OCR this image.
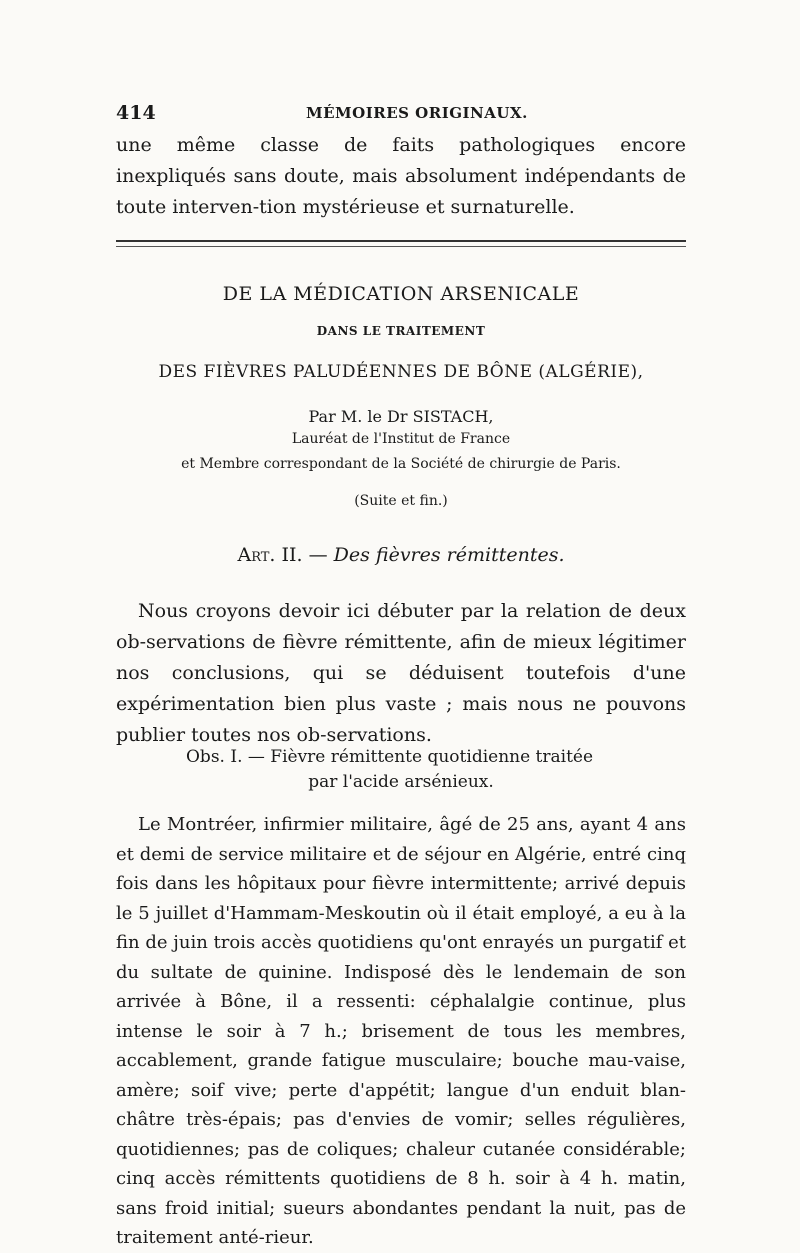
414	MÉMOIRES ORIGINAUX.
une même classe de faits pathologiques encore inexpliqués sans doute, mais absolument indépendants de toute interven-tion mystérieuse et surnaturelle.
DE LA MÉDICATION ARSENICALE
DANS LE TRAITEMENT
DES FIÈVRES PALUDÉENNES DE BÔNE (ALGÉRIE),
Par M. le Dr SISTACH,
Lauréat de l'Institut de France
et Membre correspondant de la Société de chirurgie de Paris.
(Suite et fin.)
Art. II. — Des fièvres rémittentes.
Nous croyons devoir ici débuter par la relation de deux ob-servations de fièvre rémittente, afin de mieux légitimer nos conclusions, qui se déduisent toutefois d'une expérimentation bien plus vaste ; mais nous ne pouvons publier toutes nos ob-servations.
Obs. I. — Fièvre rémittente quotidienne traitée
par l'acide arsénieux.
Le Montréer, infirmier militaire, âgé de 25 ans, ayant 4 ans et demi de service militaire et de séjour en Algérie, entré cinq fois dans les hôpitaux pour fièvre intermittente; arrivé depuis le 5 juillet d'Hammam-Meskoutin où il était employé, a eu à la fin de juin trois accès quotidiens qu'ont enrayés un purgatif et du sultate de quinine. Indisposé dès le lendemain de son arrivée à Bône, il a ressenti: céphalalgie continue, plus intense le soir à 7 h.; brisement de tous les membres, accablement, grande fatigue musculaire; bouche mau-vaise, amère; soif vive; perte d'appétit; langue d'un enduit blan-châtre très-épais; pas d'envies de vomir; selles régulières, quotidiennes; pas de coliques; chaleur cutanée considérable; cinq accès rémittents quotidiens de 8 h. soir à 4 h. matin, sans froid initial; sueurs abondantes pendant la nuit, pas de traitement anté-rieur.
